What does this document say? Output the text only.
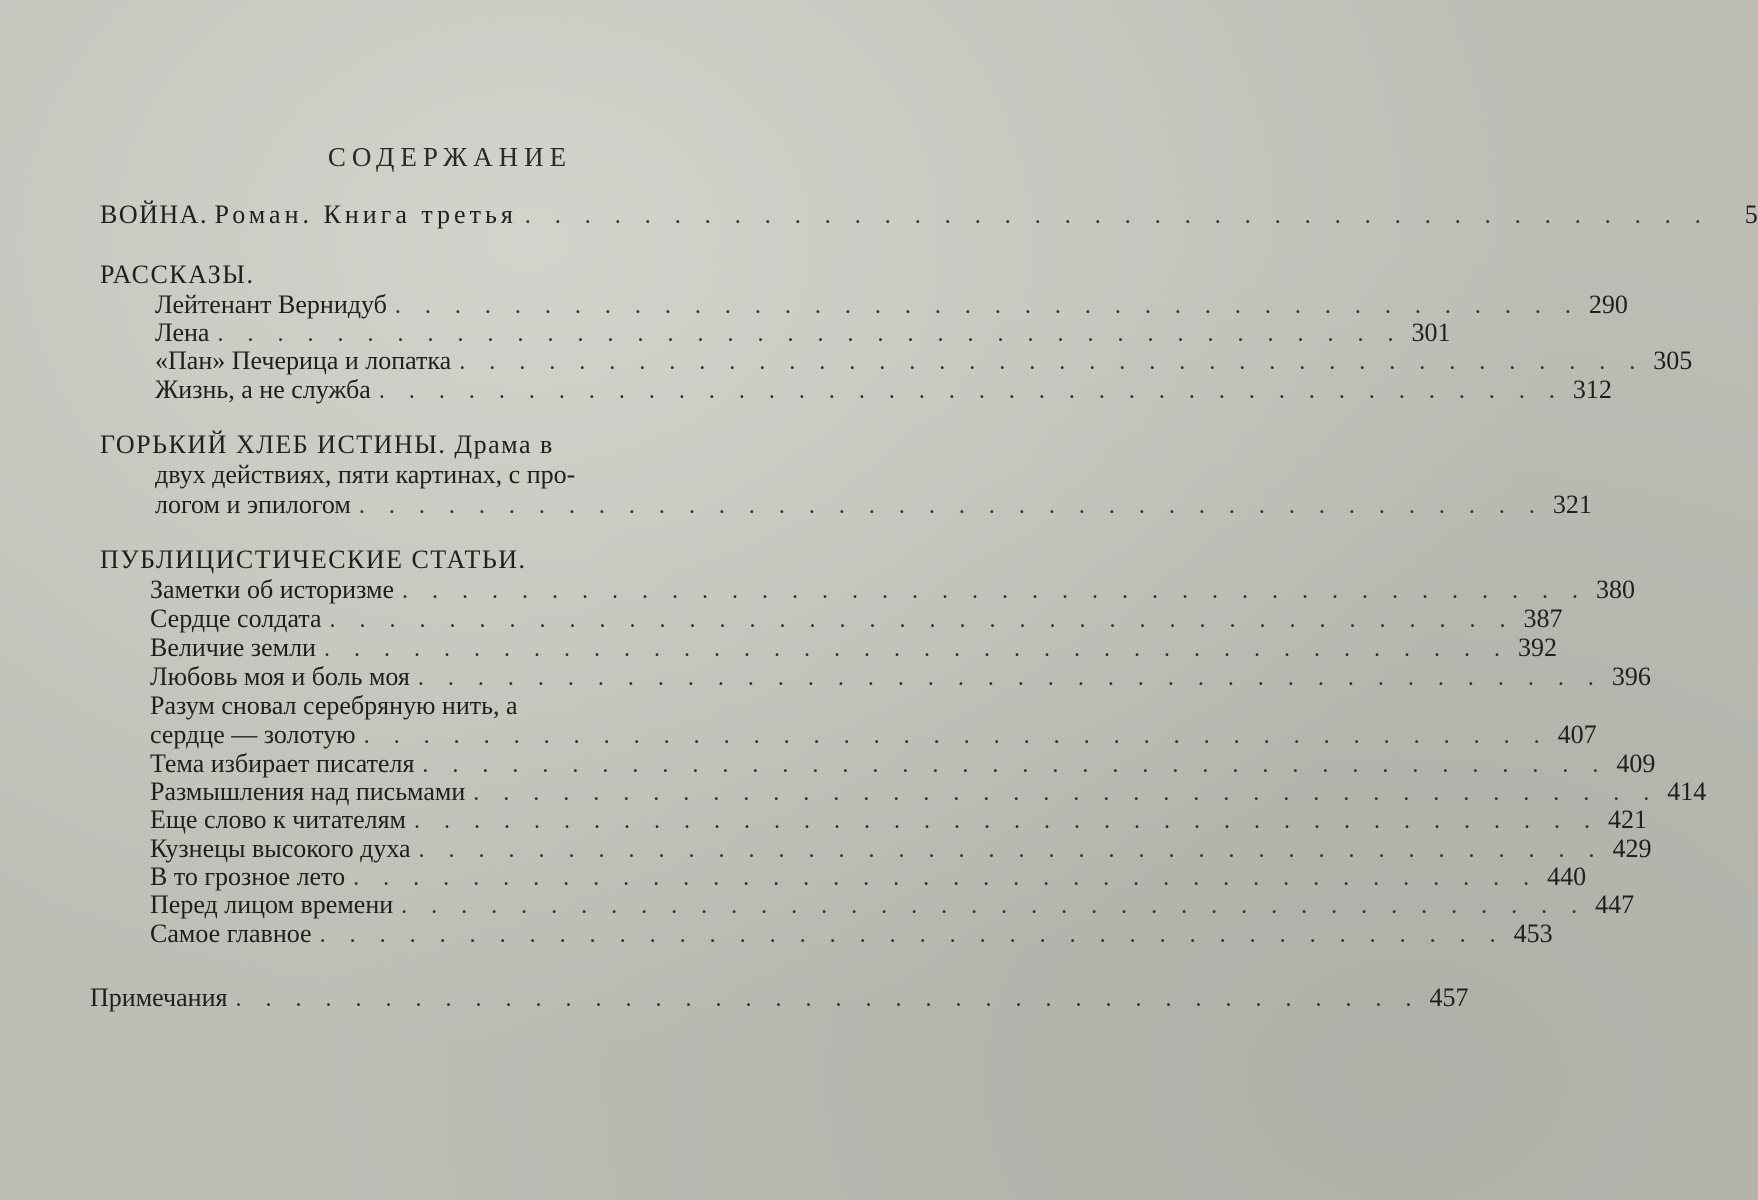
СОДЕРЖАНИЕ
ВОЙНА. Роман. Книга третья . . . . . . . . . . . . . . . . . . . . . . . . . . . . . . . . . . . . . . . .	5
РАССКАЗЫ.
Лейтенант Вернидуб . . . . . . . . . . . . . . . . . . . . . . . . . . . . . . . . . . . . . . . . 290
Лена . . . . . . . . . . . . . . . . . . . . . . . . . . . . . . . . . . . . . . . . 301
«Пан» Печерица и лопатка . . . . . . . . . . . . . . . . . . . . . . . . . . . . . . . . . . . . . . . . 305
Жизнь, а не служба . . . . . . . . . . . . . . . . . . . . . . . . . . . . . . . . . . . . . . . . 312
ГОРЬКИЙ ХЛЕБ ИСТИНЫ. Драма в
двух действиях, пяти картинах, с про-
логом и эпилогом . . . . . . . . . . . . . . . . . . . . . . . . . . . . . . . . . . . . . . . . 321
ПУБЛИЦИСТИЧЕСКИЕ СТАТЬИ.
Заметки об историзме . . . . . . . . . . . . . . . . . . . . . . . . . . . . . . . . . . . . . . . . 380
Сердце солдата . . . . . . . . . . . . . . . . . . . . . . . . . . . . . . . . . . . . . . . . 387
Величие земли . . . . . . . . . . . . . . . . . . . . . . . . . . . . . . . . . . . . . . . . 392
Любовь моя и боль моя . . . . . . . . . . . . . . . . . . . . . . . . . . . . . . . . . . . . . . . . 396
Разум сновал серебряную нить, а
сердце — золотую . . . . . . . . . . . . . . . . . . . . . . . . . . . . . . . . . . . . . . . . 407
Тема избирает писателя . . . . . . . . . . . . . . . . . . . . . . . . . . . . . . . . . . . . . . . . 409
Размышления над письмами . . . . . . . . . . . . . . . . . . . . . . . . . . . . . . . . . . . . . . . . 414
Еще слово к читателям . . . . . . . . . . . . . . . . . . . . . . . . . . . . . . . . . . . . . . . . 421
Кузнецы высокого духа . . . . . . . . . . . . . . . . . . . . . . . . . . . . . . . . . . . . . . . . 429
В то грозное лето . . . . . . . . . . . . . . . . . . . . . . . . . . . . . . . . . . . . . . . . 440
Перед лицом времени . . . . . . . . . . . . . . . . . . . . . . . . . . . . . . . . . . . . . . . . 447
Самое главное . . . . . . . . . . . . . . . . . . . . . . . . . . . . . . . . . . . . . . . . 453
Примечания . . . . . . . . . . . . . . . . . . . . . . . . . . . . . . . . . . . . . . . . 457
